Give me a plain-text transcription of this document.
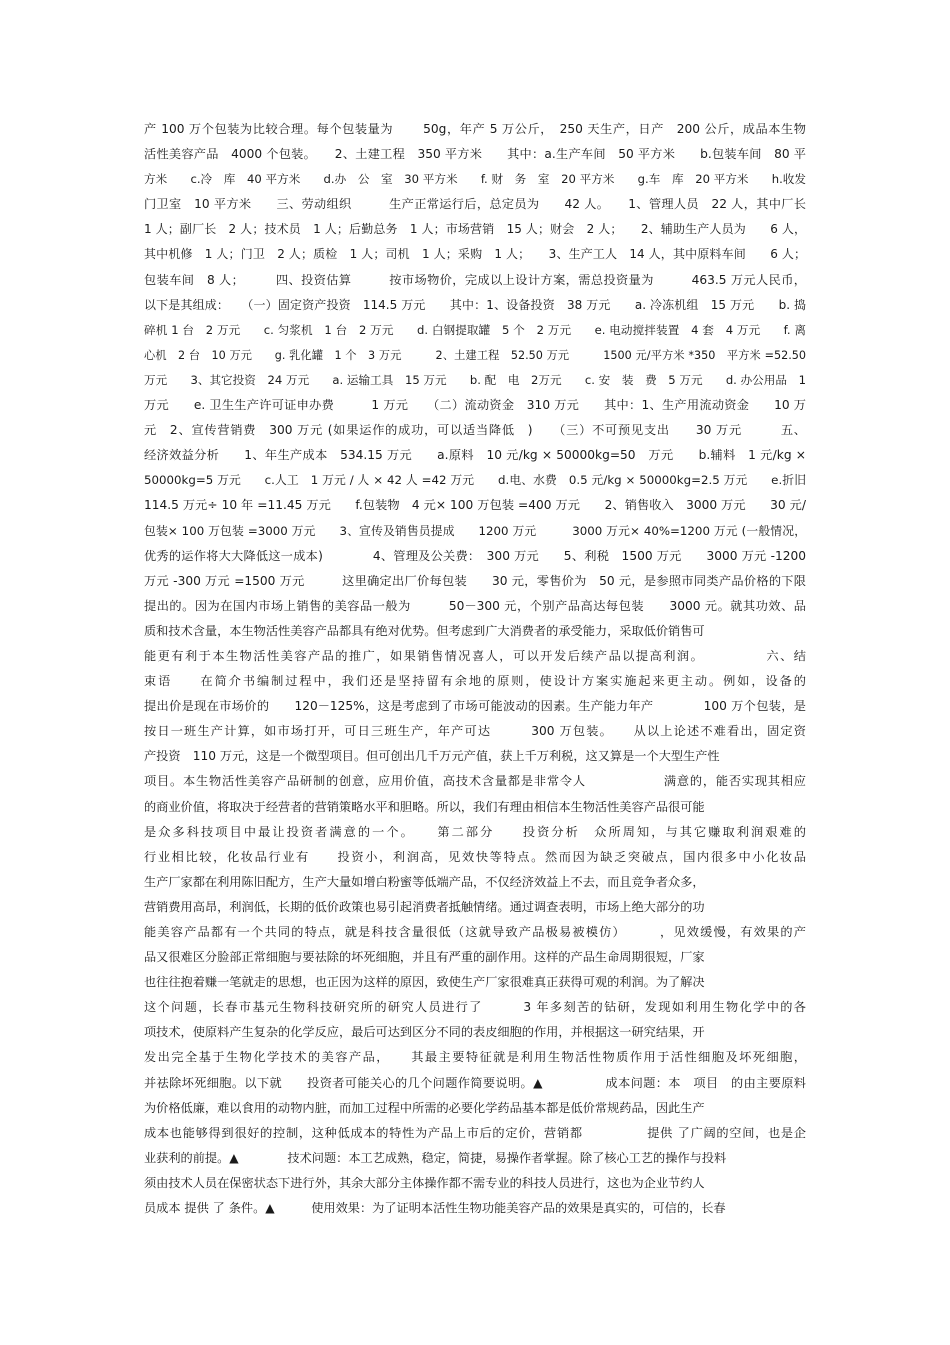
产 100 万个包装为比较合理。每个包装量为　　 50g，年产 5 万公斤，　250 天生产，日产　200 公斤，成品本生物
活性美容产品　4000 个包装。　　2、土建工程　350 平方米　　其中：a.生产车间　50 平方米　　b.包装车间　80 平
方米　　c.冷　库　40 平方米　　d.办　公　室　30 平方米　　f. 财　务　室　20 平方米　　g.车　库　20 平方米　　h.收发
门卫室　10 平方米　　三、劳动组织　　　生产正常运行后，总定员为　　42 人。　　1、管理人员　22 人，其中厂长
1 人；副厂长　2 人；技术员　1 人；后勤总务　1 人；市场营销　15 人；财会　2 人；　　2、辅助生产人员为　　6 人，
其中机修　1 人；门卫　2 人；质检　1 人；司机　1 人；采购　1 人；　　3、生产工人　14 人，其中原料车间　　6 人；
包装车间　8 人；　　　四、投资估算　　　按市场物价，完成以上设计方案，需总投资量为　　　463.5 万元人民币，
以下是其组成：　　（一）固定资产投资　114.5 万元　　其中：1、设备投资　38 万元　　a. 冷冻机组　15 万元　　b. 捣
碎机 1 台　2 万元　　c. 匀浆机　1 台　2 万元　　d. 白钢提取罐　5 个　2 万元　　e. 电动搅拌装置　4 套　4 万元　　f. 离
心机　2 台　10 万元　　g. 乳化罐　1 个　3 万元　　　2、土建工程　52.50 万元　　　1500 元/平方米 *350　平方米 =52.50
万元　　3、其它投资　24 万元　　a. 运输工具　15 万元　　b. 配　电　2万元　　c. 安　装　费　5 万元　　d. 办公用品　1
万元　　e. 卫生生产许可证申办费　　　1 万元　　（二）流动资金　310 万元　　其中：1、生产用流动资金　　10 万
元　2、宣传营销费　300 万元 (如果运作的成功，可以适当降低　)　　（三）不可预见支出　　30 万元　　　五、
经济效益分析　　1、年生产成本　534.15 万元　　a.原料　10 元/kg × 50000kg=50　万元　　b.辅料　1 元/kg ×
50000kg=5 万元　　c.人工　1 万元 / 人 × 42 人 =42 万元　　d.电、水费　0.5 元/kg × 50000kg=2.5 万元　　e.折旧
114.5 万元÷ 10 年 =11.45 万元　　f.包装物　4 元× 100 万包装 =400 万元　　2、销售收入　3000 万元　　30 元/
包装× 100 万包装 =3000 万元　　3、宣传及销售员提成　　1200 万元　　　3000 万元× 40%=1200 万元 (一般情况，
优秀的运作将大大降低这一成本)　　　　4、管理及公关费：　300 万元　　5、利税　1500 万元　　3000 万元 -1200
万元 -300 万元 =1500 万元　　　这里确定出厂价每包装　　30 元，零售价为　50 元，是参照市同类产品价格的下限
提出的。因为在国内市场上销售的美容品一般为　　　50－300 元，个别产品高达每包装　　3000 元。就其功效、品
质和技术含量，本生物活性美容产品都具有绝对优势。但考虑到广大消费者的承受能力，采取低价销售可
能更有利于本生物活性美容产品的推广，如果销售情况喜人，可以开发后续产品以提高利润。　　　　　六、结
束语　　在简介书编制过程中，我们还是坚持留有余地的原则，使设计方案实施起来更主动。例如，设备的
提出价是现在市场价的　　120－125%，这是考虑到了市场可能波动的因素。生产能力年产　　　　100 万个包装，是
按日一班生产计算，如市场打开，可日三班生产，年产可达　　　300 万包装。　　从以上论述不难看出，固定资
产投资　110 万元，这是一个微型项目。但可创出几千万元产值，获上千万利税，这又算是一个大型生产性
项目。本生物活性美容产品研制的创意，应用价值，高技术含量都是非常令人　　　　　　满意的，能否实现其相应
的商业价值，将取决于经营者的营销策略水平和胆略。所以，我们有理由相信本生物活性美容产品很可能
是众多科技项目中最让投资者满意的一个。　　第二部分　　投资分析　众所周知，与其它赚取利润艰难的
行业相比较，化妆品行业有　　投资小，利润高，见效快等特点。然而因为缺乏突破点，国内很多中小化妆品
生产厂家都在利用陈旧配方，生产大量如增白粉蜜等低端产品，不仅经济效益上不去，而且竞争者众多，
营销费用高昂，利润低，长期的低价政策也易引起消费者抵触情绪。通过调查表明，市场上绝大部分的功
能美容产品都有一个共同的特点，就是科技含量很低（这就导致产品极易被模仿）　　　，见效缓慢，有效果的产
品又很难区分脸部正常细胞与要祛除的坏死细胞，并且有严重的副作用。这样的产品生命周期很短，厂家
也往往抱着赚一笔就走的思想，也正因为这样的原因，致使生产厂家很难真正获得可观的利润。为了解决
这个问题，长春市基元生物科技研究所的研究人员进行了　　　3 年多刻苦的钻研，发现如利用生物化学中的各
项技术，使原料产生复杂的化学反应，最后可达到区分不同的表皮细胞的作用，并根据这一研究结果，开
发出完全基于生物化学技术的美容产品，　　其最主要特征就是利用生物活性物质作用于活性细胞及坏死细胞，
并祛除坏死细胞。以下就　　投资者可能关心的几个问题作简要说明。▲　　　　　成本问题：本　项目　的由主要原料
为价格低廉，难以食用的动物内脏，而加工过程中所需的必要化学药品基本都是低价常规药品，因此生产
成本也能够得到很好的控制，这种低成本的特性为产品上市后的定价，营销都　　　　　提供 了广阔的空间，也是企
业获利的前提。▲　　　　技术问题：本工艺成熟，稳定，简捷，易操作者掌握。除了核心工艺的操作与投料
须由技术人员在保密状态下进行外，其余大部分主体操作都不需专业的科技人员进行，这也为企业节约人
员成本 提供 了 条件。▲　　　使用效果：为了证明本活性生物功能美容产品的效果是真实的，可信的，长春
